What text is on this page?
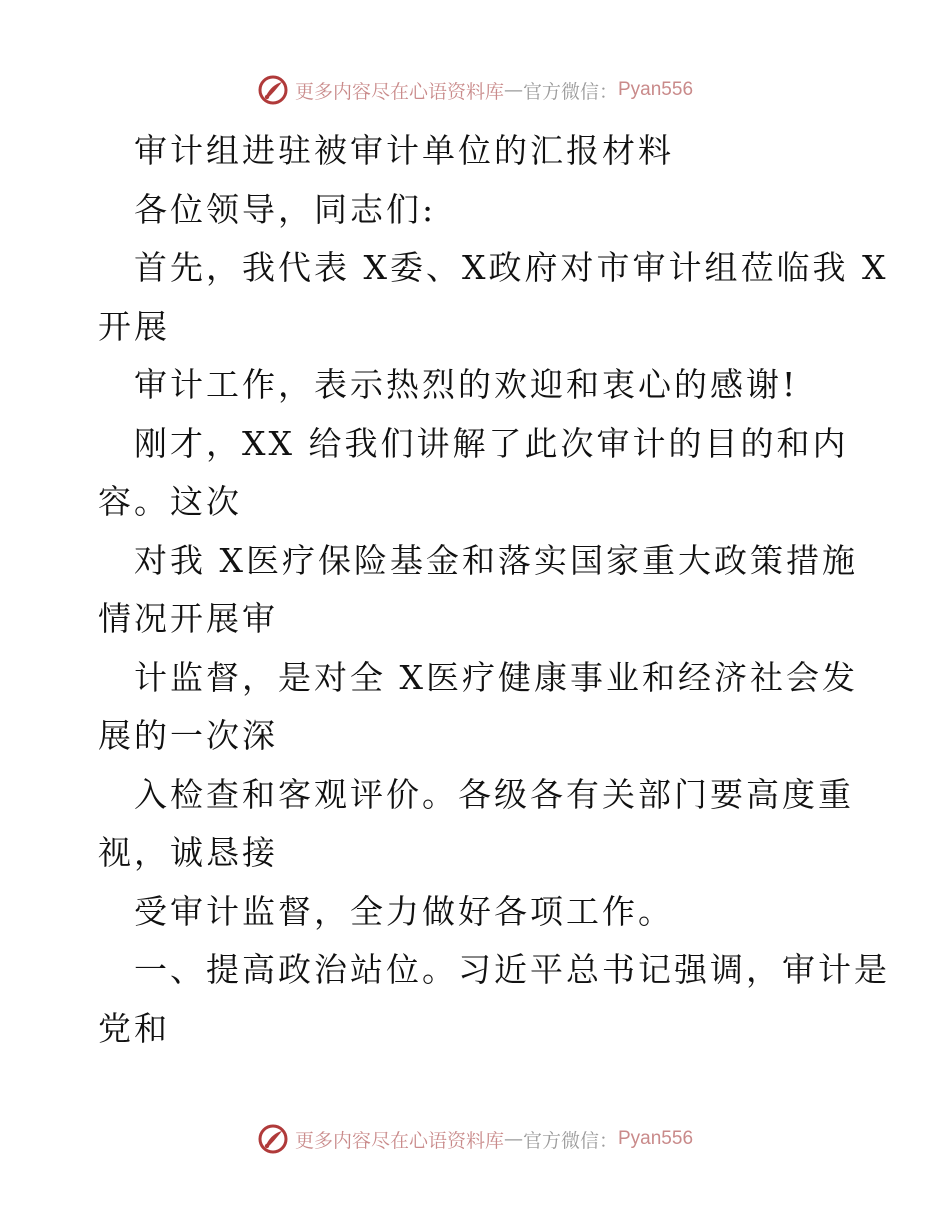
更多内容尽在心语资料库 — 官方微信： Pyan556
审计组进驻被审计单位的汇报材料
各位领导，同志们:
首先，我代表 X委、X政府对市审计组莅临我 X
开展
审计工作，表示热烈的欢迎和衷心的感谢!
刚才，XX 给我们讲解了此次审计的目的和内
容。这次
对我 X医疗保险基金和落实国家重大政策措施
情况开展审
计监督，是对全 X医疗健康事业和经济社会发
展的一次深
入检查和客观评价。各级各有关部门要高度重
视，诚恳接
受审计监督，全力做好各项工作。
一、提高政治站位。习近平总书记强调，审计是
党和
更多内容尽在心语资料库 — 官方微信： Pyan556
